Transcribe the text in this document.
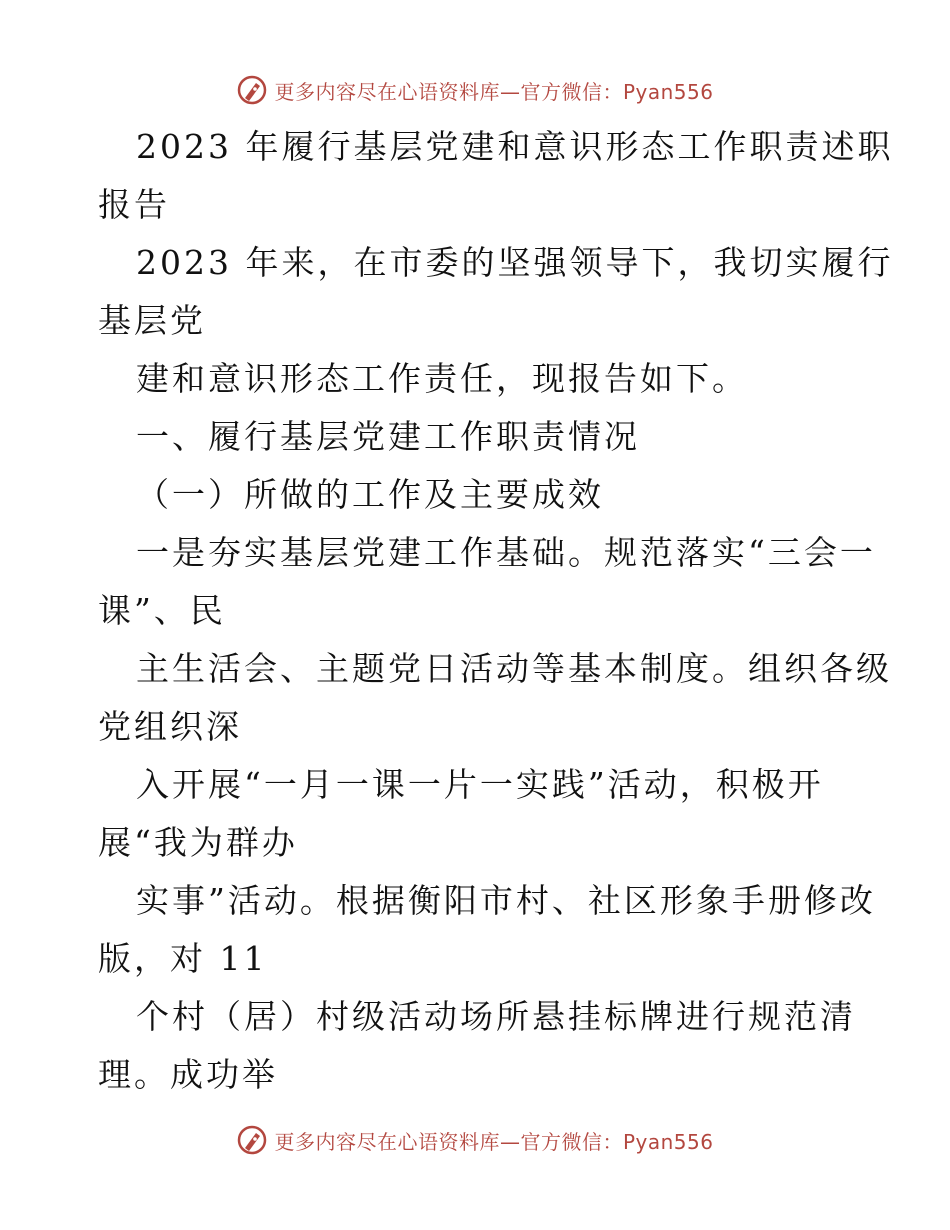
更多内容尽在心语资料库—官方微信：Pyan556
2023 年履行基层党建和意识形态工作职责述职
报告
2023 年来，在市委的坚强领导下，我切实履行
基层党
建和意识形态工作责任，现报告如下。
一、履行基层党建工作职责情况
（一）所做的工作及主要成效
一是夯实基层党建工作基础。规范落实“三会一
课”、民
主生活会、主题党日活动等基本制度。组织各级
党组织深
入开展“一月一课一片一实践”活动，积极开
展“我为群办
实事”活动。根据衡阳市村、社区形象手册修改
版，对 11
个村（居）村级活动场所悬挂标牌进行规范清
理。成功举
更多内容尽在心语资料库—官方微信：Pyan556
